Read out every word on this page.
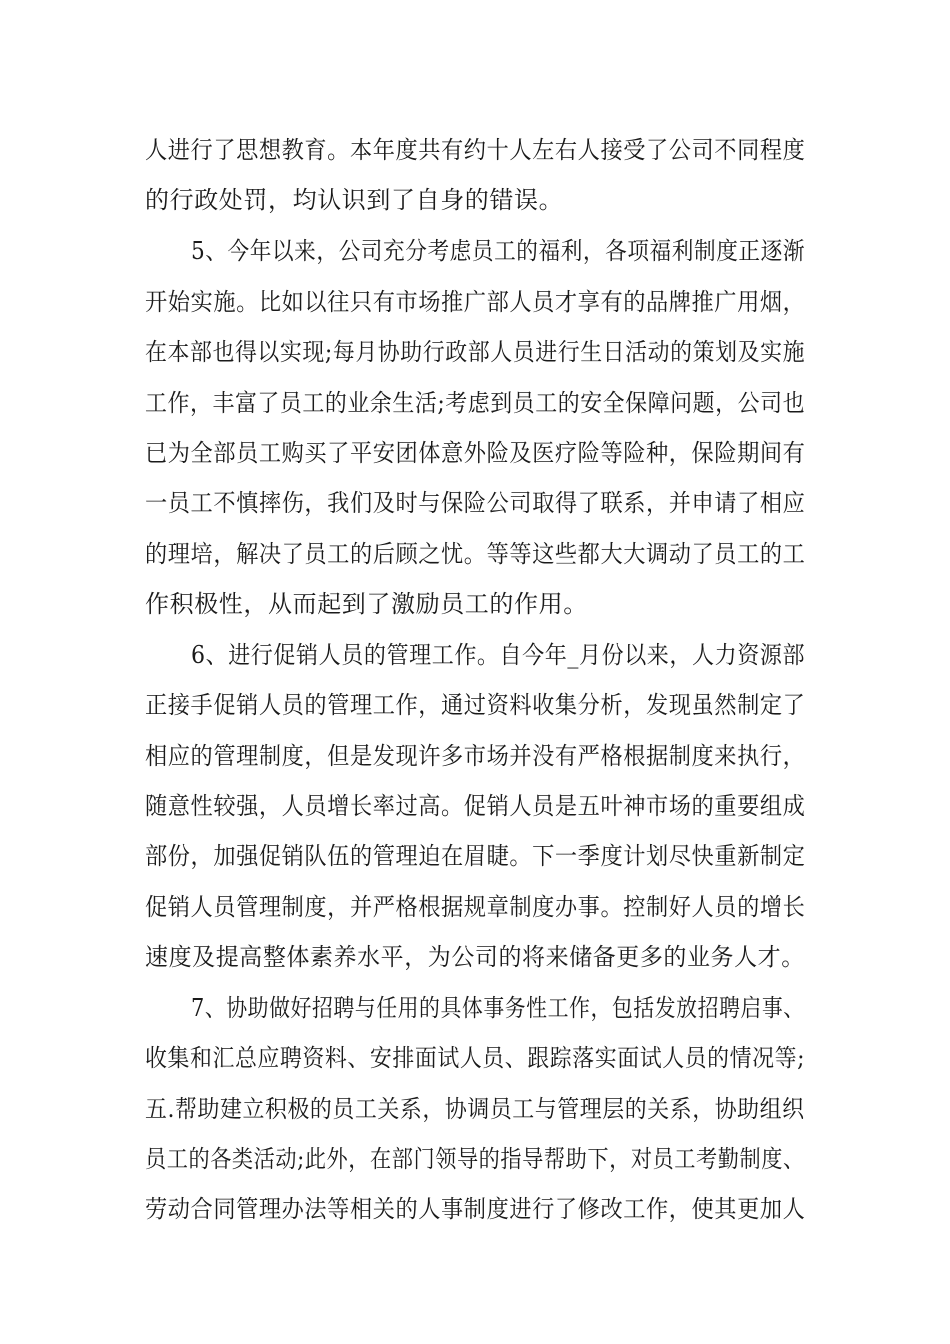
人进行了思想教育。本年度共有约十人左右人接受了公司不同程度
的行政处罚，均认识到了自身的错误。
5、今年以来，公司充分考虑员工的福利，各项福利制度正逐渐
开始实施。比如以往只有市场推广部人员才享有的品牌推广用烟，
在本部也得以实现;每月协助行政部人员进行生日活动的策划及实施
工作，丰富了员工的业余生活;考虑到员工的安全保障问题，公司也
已为全部员工购买了平安团体意外险及医疗险等险种，保险期间有
一员工不慎摔伤，我们及时与保险公司取得了联系，并申请了相应
的理培，解决了员工的后顾之忧。等等这些都大大调动了员工的工
作积极性，从而起到了激励员工的作用。
6、进行促销人员的管理工作。自今年_月份以来，人力资源部
正接手促销人员的管理工作，通过资料收集分析，发现虽然制定了
相应的管理制度，但是发现许多市场并没有严格根据制度来执行，
随意性较强，人员增长率过高。促销人员是五叶神市场的重要组成
部份，加强促销队伍的管理迫在眉睫。下一季度计划尽快重新制定
促销人员管理制度，并严格根据规章制度办事。控制好人员的增长
速度及提高整体素养水平，为公司的将来储备更多的业务人才。
7、协助做好招聘与任用的具体事务性工作，包括发放招聘启事、
收集和汇总应聘资料、安排面试人员、跟踪落实面试人员的情况等;
五.帮助建立积极的员工关系，协调员工与管理层的关系，协助组织
员工的各类活动;此外，在部门领导的指导帮助下，对员工考勤制度、
劳动合同管理办法等相关的人事制度进行了修改工作，使其更加人
